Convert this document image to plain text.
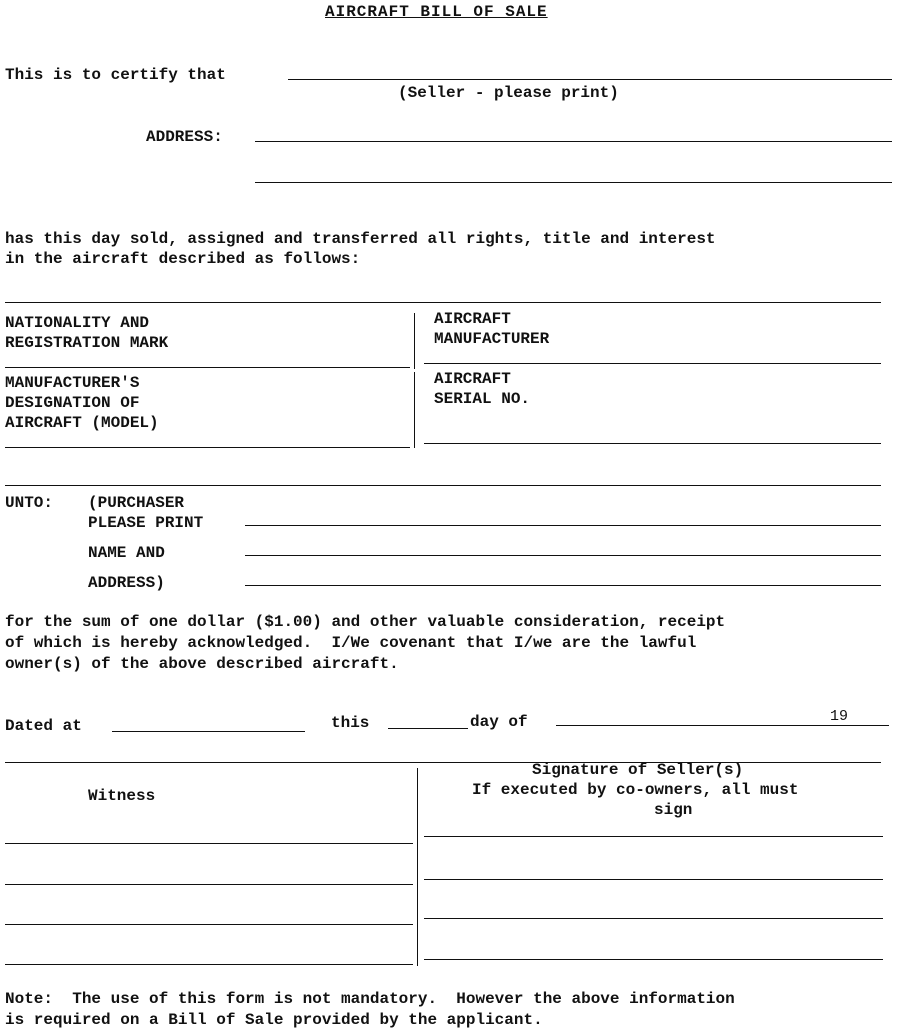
AIRCRAFT BILL OF SALE
This is to certify that
(Seller - please print)
ADDRESS:
has this day sold, assigned and transferred all rights, title and interest
in the aircraft described as follows:
NATIONALITY AND
REGISTRATION MARK
AIRCRAFT
MANUFACTURER
MANUFACTURER'S
DESIGNATION OF
AIRCRAFT (MODEL)
AIRCRAFT
SERIAL NO.
UNTO: (PURCHASER
PLEASE PRINT
NAME AND
ADDRESS)
for the sum of one dollar ($1.00) and other valuable consideration, receipt
of which is hereby acknowledged.  I/We covenant that I/we are the lawful
owner(s) of the above described aircraft.
Dated at	this	day of	19
Witness
Signature of Seller(s)
If executed by co-owners, all must
sign
Note:  The use of this form is not mandatory.  However the above information
is required on a Bill of Sale provided by the applicant.
